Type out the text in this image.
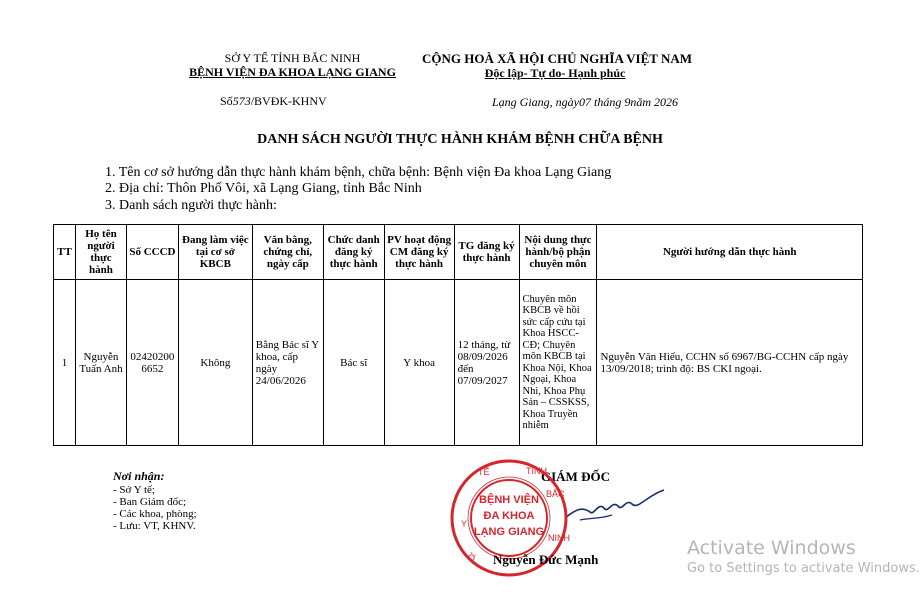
SỞ Y TẾ TỈNH BẮC NINH
BỆNH VIỆN ĐA KHOA LẠNG GIANG
Số573/BVĐK-KHNV
CỘNG HOÀ XÃ HỘI CHỦ NGHĨA VIỆT NAM
Độc lập- Tự do- Hạnh phúc
Lạng Giang, ngày07 tháng 9năm 2026
DANH SÁCH NGƯỜI THỰC HÀNH KHÁM BỆNH CHỮA BỆNH
1. Tên cơ sở hướng dẫn thực hành khám bệnh, chữa bệnh: Bệnh viện Đa khoa Lạng Giang
2. Địa chỉ: Thôn Phố Vôi, xã Lạng Giang, tỉnh Bắc Ninh
3. Danh sách người thực hành:
TT	Họ tên người thực hành	Số CCCD	Đang làm việc tại cơ sở KBCB	Văn bằng, chứng chỉ, ngày cấp	Chức danh đăng ký thực hành	PV hoạt động CM đăng ký thực hành	TG đăng ký thực hành	Nội dung thực hành/bộ phận chuyên môn	Người hướng dẫn thực hành
1	Nguyễn Tuấn Anh	024202006652	Không	Bằng Bác sĩ Y khoa, cấp ngày 24/06/2026	Bác sĩ	Y khoa	12 tháng, từ 08/09/2026 đến 07/09/2027	Chuyên môn KBCB về hồi sức cấp cứu tại Khoa HSCC-CĐ; Chuyên môn KBCB tại Khoa Nội, Khoa Ngoại, Khoa Nhi, Khoa Phụ Sản – CSSKSS, Khoa Truyền nhiễm	Nguyễn Văn Hiếu, CCHN số 6967/BG-CCHN cấp ngày 13/09/2018; trình độ: BS CKI ngoại.
Nơi nhận:
- Sở Y tế;
- Ban Giám đốc;
- Các khoa, phòng;
- Lưu: VT, KHNV.
GIÁM ĐỐC
BỆNH VIỆN
ĐA KHOA
LẠNG GIANG
Y
TẾ	TỈNH
BẮC
NINH
Ở Nguyễn Đức Mạnh
Activate Windows
Go to Settings to activate Windows.
